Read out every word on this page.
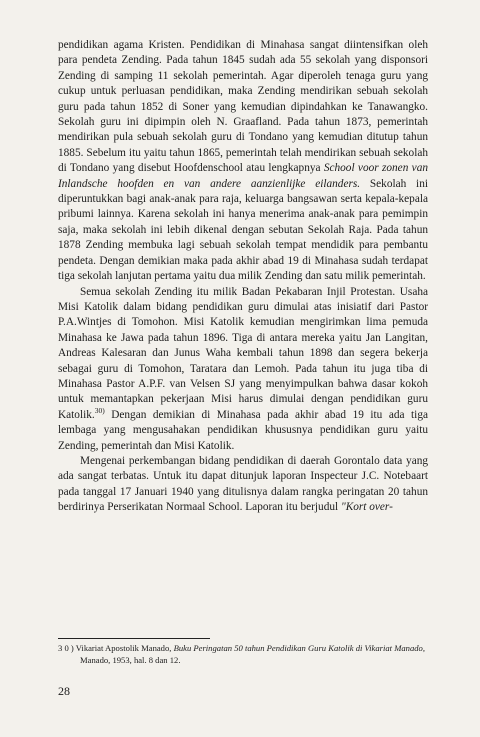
pendidikan agama Kristen. Pendidikan di Minahasa sangat diintensifkan oleh para pendeta Zending. Pada tahun 1845 sudah ada 55 sekolah yang disponsori Zending di samping 11 sekolah pemerintah. Agar diperoleh tenaga guru yang cukup untuk perluasan pendidikan, maka Zending mendirikan sebuah sekolah guru pada tahun 1852 di Soner yang kemudian dipindahkan ke Tanawangko. Sekolah guru ini dipimpin oleh N. Graafland. Pada tahun 1873, pemerintah mendirikan pula sebuah sekolah guru di Tondano yang kemudian ditutup tahun 1885. Sebelum itu yaitu tahun 1865, pemerintah telah mendirikan sebuah sekolah di Tondano yang disebut Hoofdenschool atau lengkapnya School voor zonen van Inlandsche hoofden en van andere aanzienlijke eilanders. Sekolah ini diperuntukkan bagi anak-anak para raja, keluarga bangsawan serta kepala-kepala pribumi lainnya. Karena sekolah ini hanya menerima anak-anak para pemimpin saja, maka sekolah ini lebih dikenal dengan sebutan Sekolah Raja. Pada tahun 1878 Zending membuka lagi sebuah sekolah tempat mendidik para pembantu pendeta. Dengan demikian maka pada akhir abad 19 di Minahasa sudah terdapat tiga sekolah lanjutan pertama yaitu dua milik Zending dan satu milik pemerintah.

Semua sekolah Zending itu milik Badan Pekabaran Injil Protestan. Usaha Misi Katolik dalam bidang pendidikan guru dimulai atas inisiatif dari Pastor P.A.Wintjes di Tomohon. Misi Katolik kemudian mengirimkan lima pemuda Minahasa ke Jawa pada tahun 1896. Tiga di antara mereka yaitu Jan Langitan, Andreas Kalesaran dan Junus Waha kembali tahun 1898 dan segera bekerja sebagai guru di Tomohon, Taratara dan Lemoh. Pada tahun itu juga tiba di Minahasa Pastor A.P.F. van Velsen SJ yang menyimpulkan bahwa dasar kokoh untuk memantapkan pekerjaan Misi harus dimulai dengan pendidikan guru Katolik.$^{30)}$ Dengan demikian di Minahasa pada akhir abad 19 itu ada tiga lembaga yang mengusahakan pendidikan khususnya pendidikan guru yaitu Zending, pemerintah dan Misi Katolik.

Mengenai perkembangan bidang pendidikan di daerah Gorontalo data yang ada sangat terbatas. Untuk itu dapat ditunjuk laporan Inspecteur J.C. Notebaart pada tanggal 17 Januari 1940 yang ditulisnya dalam rangka peringatan 20 tahun berdirinya Perserikatan Normaal School. Laporan itu berjudul "Kort over-

3 0 ) Vikariat Apostolik Manado, Buku Peringatan 50 tahun Pendidikan Guru Katolik di Vikariat Manado, Manado, 1953, hal. 8 dan 12.
28
